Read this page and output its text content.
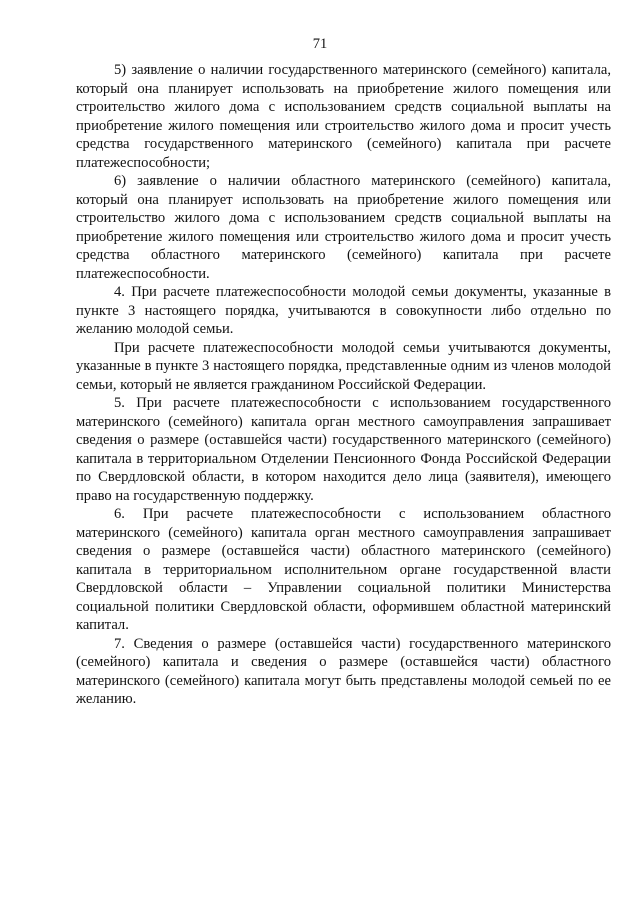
71

5) заявление о наличии государственного материнского (семейного) капитала, который она планирует использовать на приобретение жилого помещения или строительство жилого дома с использованием средств социальной выплаты на приобретение жилого помещения или строительство жилого дома и просит учесть средства государственного материнского (семейного) капитала при расчете платежеспособности;

6) заявление о наличии областного материнского (семейного) капитала, который она планирует использовать на приобретение жилого помещения или строительство жилого дома с использованием средств социальной выплаты на приобретение жилого помещения или строительство жилого дома и просит учесть средства областного материнского (семейного) капитала при расчете платежеспособности.

4. При расчете платежеспособности молодой семьи документы, указанные в пункте 3 настоящего порядка, учитываются в совокупности либо отдельно по желанию молодой семьи.

При расчете платежеспособности молодой семьи учитываются документы, указанные в пункте 3 настоящего порядка, представленные одним из членов молодой семьи, который не является гражданином Российской Федерации.

5. При расчете платежеспособности с использованием государственного материнского (семейного) капитала орган местного самоуправления запрашивает сведения о размере (оставшейся части) государственного материнского (семейного) капитала в территориальном Отделении Пенсионного Фонда Российской Федерации по Свердловской области, в котором находится дело лица (заявителя), имеющего право на государственную поддержку.

6. При расчете платежеспособности с использованием областного материнского (семейного) капитала орган местного самоуправления запрашивает сведения о размере (оставшейся части) областного материнского (семейного) капитала в территориальном исполнительном органе государственной власти Свердловской области – Управлении социальной политики Министерства социальной политики Свердловской области, оформившем областной материнский капитал.

7. Сведения о размере (оставшейся части) государственного материнского (семейного) капитала и сведения о размере (оставшейся части) областного материнского (семейного) капитала могут быть представлены молодой семьей по ее желанию.
